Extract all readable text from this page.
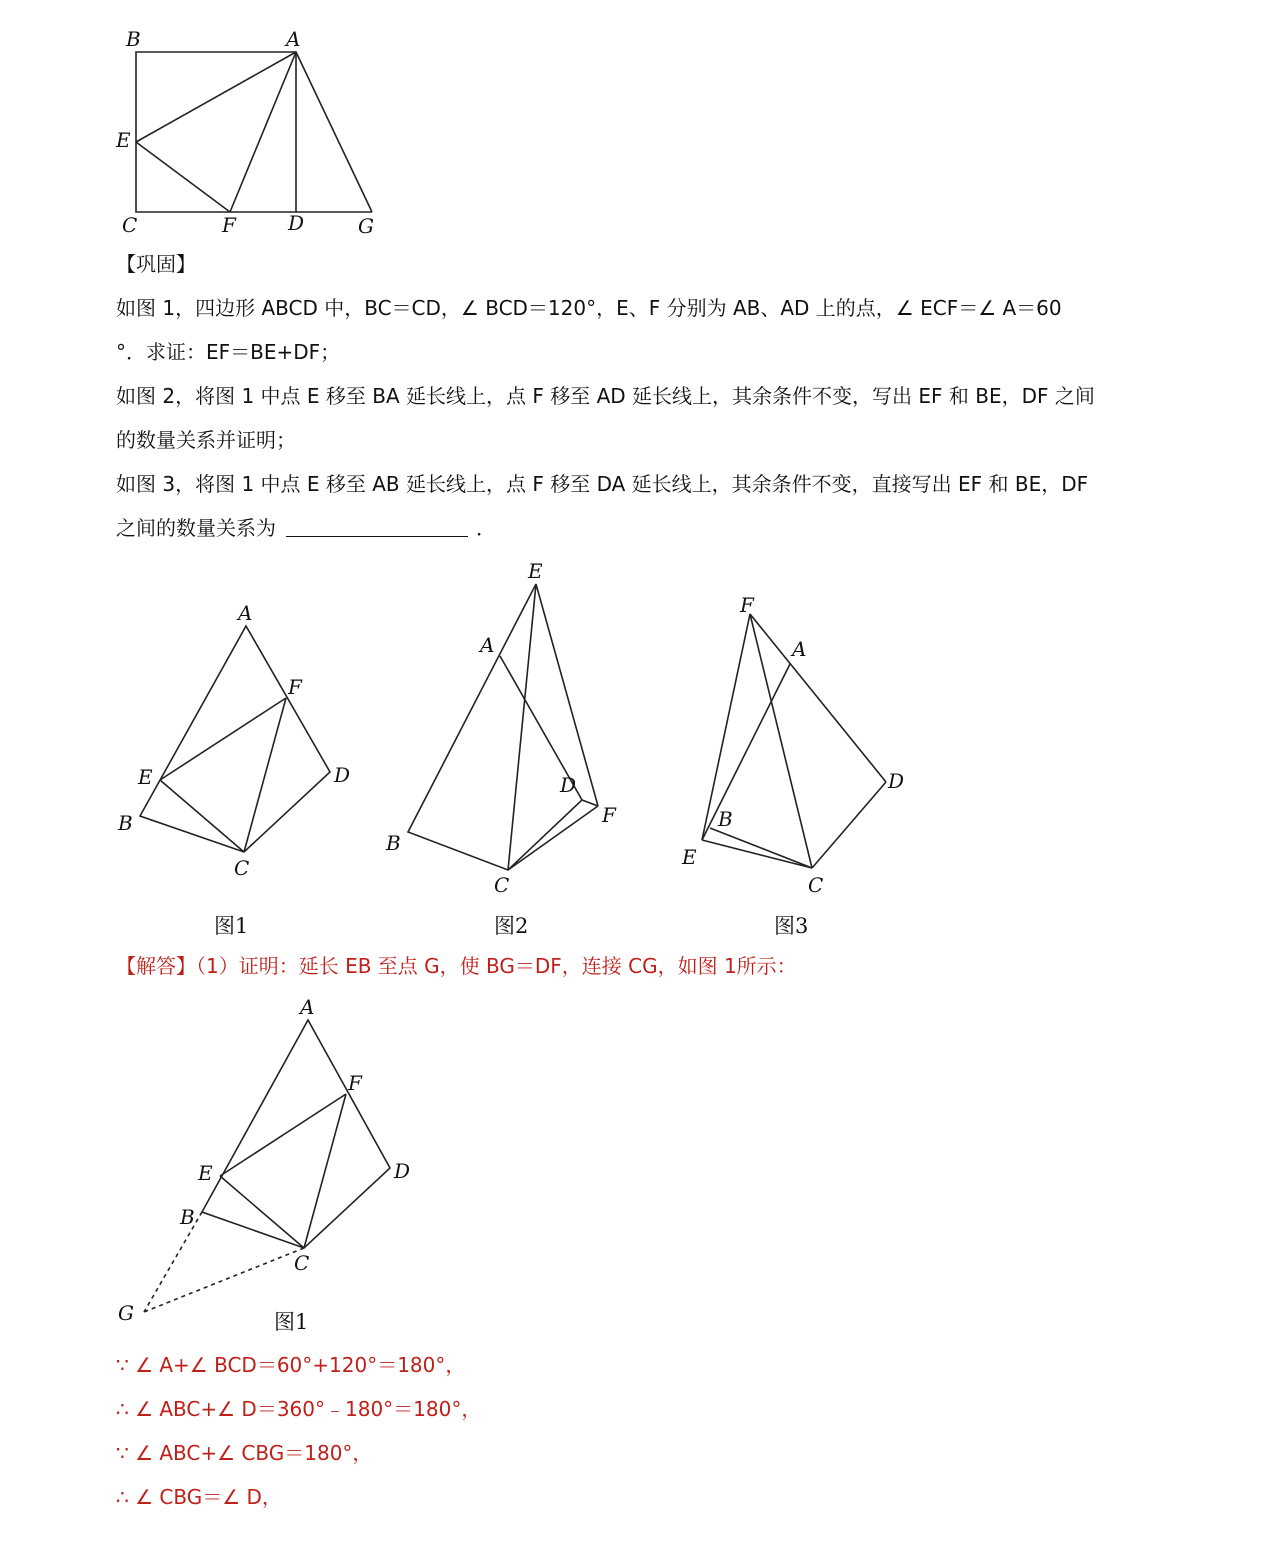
B	A
E
C	F	D	G
【巩固】
如图 1，四边形 ABCD 中，BC＝CD，∠ BCD＝120°，E、F 分别为 AB、AD 上的点，∠ ECF＝∠ A＝60
°．求证：EF＝BE+DF；
如图 2，将图 1 中点 E 移至 BA 延长线上，点 F 移至 AD 延长线上，其余条件不变，写出 EF 和 BE，DF 之间
的数量关系并证明；
如图 3，将图 1 中点 E 移至 AB 延长线上，点 F 移至 DA 延长线上，其余条件不变，直接写出 EF 和 BE，DF
之间的数量关系为	．
A
F
E	D
B
C
图1
E
A
D
F
B
C
图2
F
A
D
B
E
C
图3
【解答】（1）证明：延长 EB 至点 G，使 BG＝DF，连接 CG，如图 1所示：
A
F
E	D
B
C
G	图1
∵ ∠ A+∠ BCD＝60°+120°＝180°，
∴ ∠ ABC+∠ D＝360°﹣180°＝180°，
∵ ∠ ABC+∠ CBG＝180°，
∴ ∠ CBG＝∠ D，
